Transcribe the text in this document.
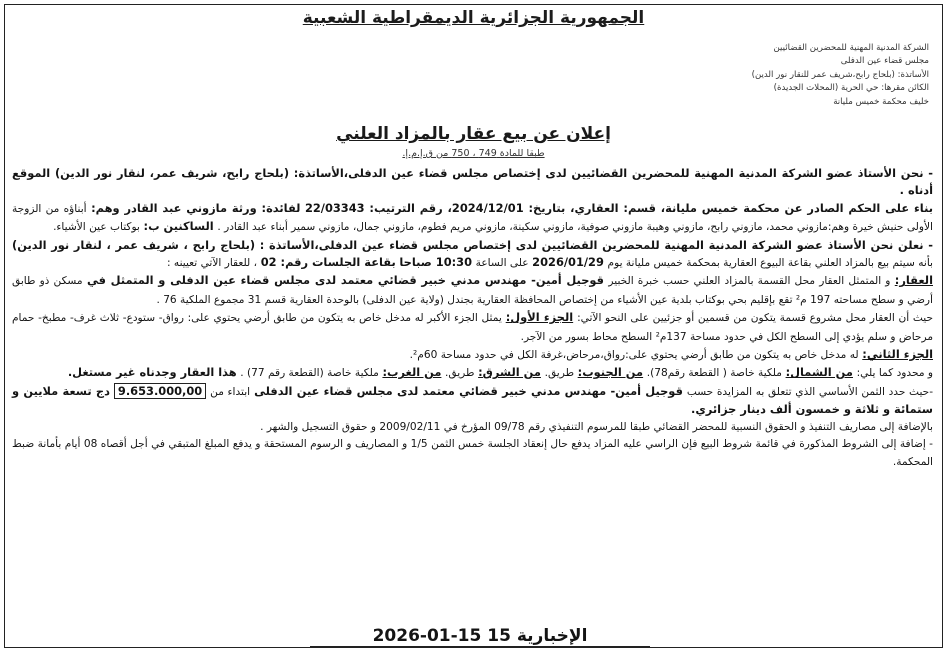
الجمهورية الجزائرية الديمقراطية الشعبية
الشركة المدنية المهنية للمحضرين القضائيين
مجلس قضاء عين الدفلى
الأساتذة: (بلحاج رابح،شريف عمر للنقار نور الدين)
الكائن مقرها: حي الحرية (المحلات الجديدة)
خليف محكمة خميس مليانة
إعلان عن بيع عقار بالمزاد العلني
طبقا للمادة 749 ، 750 من ق.إ.م.إ.

- نحن الأستاذ عضو الشركة المدنية المهنية للمحضرين القضائيين لدى إختصاص مجلس قضاء عين الدفلى،الأساتذة: (بلحاج رابح، شريف عمر، لنقار نور الدين) الموقع أدناه .

بناء على الحكم الصادر عن محكمة خميس مليانة، قسم: العقاري، بتاريخ: 2024/12/01، رقم الترتيب: 22/03343 لفائدة: ورثة مازوني عبد القادر وهم: أبناؤه من الزوجة الأولى حنيش خيرة وهم:مازوني محمد، مازوني رابح، مازوني وهيبة مازوني صوفية، مازوني سكينة، مازوني مريم فطوم، مازوني جمال، مازوني سمير أبناء عبد القادر . الساكنين ب: بوكتاب عين الأشياء.

- نعلن نحن الأستاذ عضو الشركة المدنية المهنية للمحضرين القضائيين لدى إختصاص مجلس قضاء عين الدفلى،الأساتذة : (بلحاج رابح ، شريف عمر ، لنقار نور الدين) بأنه سيتم بيع بالمزاد العلني بقاعة البيوع العقارية بمحكمة خميس مليانة يوم 2026/01/29 على الساعة 10:30 صباحا بقاعة الجلسات رقم: 02 ، للعقار الآتي تعيينه :

العقار: و المتمثل العقار محل القسمة بالمزاد العلني حسب خبرة الخبير قوجيل أمين- مهندس مدني خبير قضائي معتمد لدى مجلس قضاء عين الدفلى و المتمثل في مسكن ذو طابق أرضي و سطح مساحته 197 م² تقع بإقليم بحي بوكتاب بلدية عين الأشياء من إختصاص المحافظة العقارية بجندل (ولاية عين الدفلى) بالوحدة العقارية قسم 31 مجموع الملكية 76 .

حيث أن العقار محل مشروع قسمة يتكون من قسمين أو جزئيين على النحو الآتي: الجزء الأول: يمثل الجزء الأكبر له مدخل خاص به يتكون من طابق أرضي يحتوي على: رواق- ستودع- ثلاث غرف- مطبخ- حمام مرحاض و سلم يؤدي إلى السطح الكل في حدود مساحة 137م² السطح محاط بسور من الآجر.

الجزء الثاني: له مدخل خاص به يتكون من طابق أرضي يحتوي على:رواق،مرحاض،غرفة الكل في حدود مساحة 60م².

و محدود كما يلي: من الشمال: ملكية خاصة ( القطعة رقم78). من الجنوب: طريق. من الشرق: طريق. من الغرب: ملكية خاصة (القطعة رقم 77) . هذا العقار وجدناه غير مستغل.

-حيث حدد الثمن الأساسي الذي تتعلق به المزايدة حسب قوجيل أمين- مهندس مدني خبير قضائي معتمد لدى مجلس قضاء عين الدفلى ابتداء من 9.653.000,00 دج تسعة ملايين و ستمائة و ثلاثة و خمسون ألف دينار جزائري.

بالإضافة إلى مصاريف التنفيذ و الحقوق النسبية للمحضر القضائي طبقا للمرسوم التنفيذي رقم 09/78 المؤرخ في 2009/02/11 و حقوق التسجيل والشهر .

- إضافة إلى الشروط المذكورة في قائمة شروط البيع فإن الراسي عليه المزاد يدفع حال إنعقاد الجلسة خمس الثمن 1/5 و المصاريف و الرسوم المستحقة و يدفع المبلغ المتبقي في أجل أقصاه 08 أيام بأمانة ضبط المحكمة.

الإخبارية 15 2026-01-15
